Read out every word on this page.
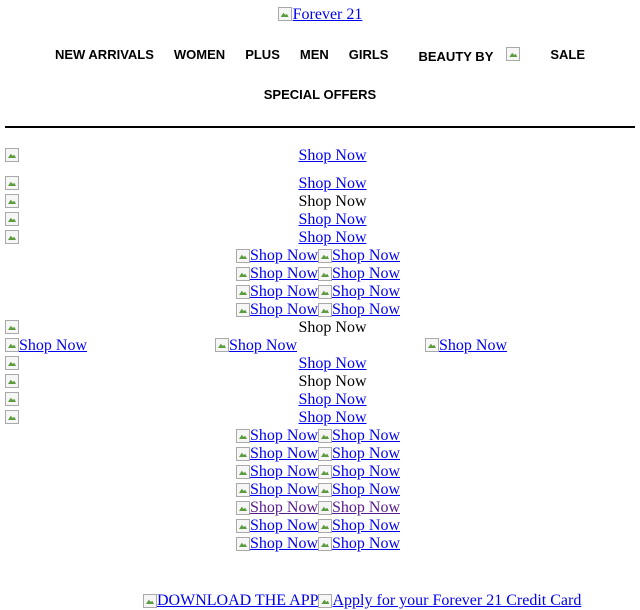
Forever 21
NEW ARRIVALS WOMEN PLUS MEN GIRLS	BEAUTY BY	SALE
SPECIAL OFFERS
Shop Now
Shop Now
Shop Now
Shop Now
Shop Now
Shop Now Shop Now
Shop Now Shop Now
Shop Now Shop Now
Shop Now Shop Now
Shop Now
Shop Now	Shop Now	Shop Now
Shop Now
Shop Now
Shop Now
Shop Now
Shop Now Shop Now
Shop Now Shop Now
Shop Now Shop Now
Shop Now Shop Now
Shop Now Shop Now
Shop Now Shop Now
Shop Now Shop Now
DOWNLOAD THE APP Apply for your Forever 21 Credit Card
